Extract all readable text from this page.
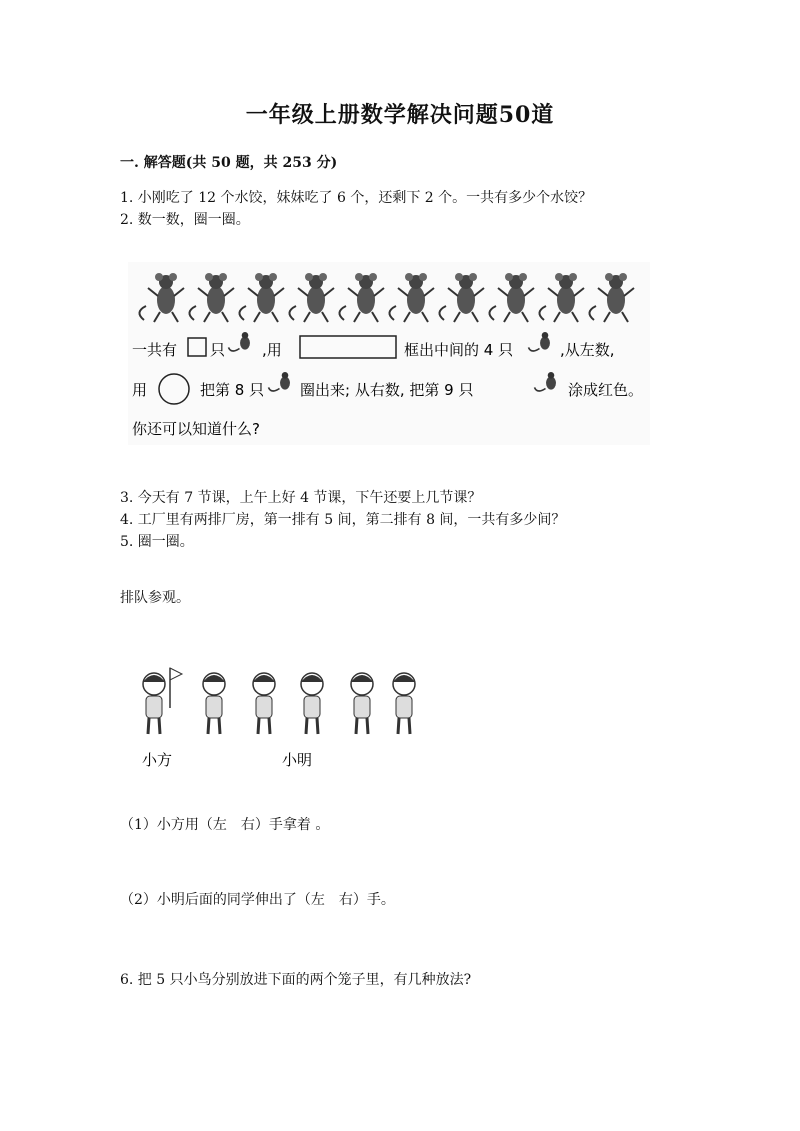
一年级上册数学解决问题50道
一. 解答题(共 50 题，共 253 分)
1. 小刚吃了 12 个水饺，妹妹吃了 6 个，还剩下 2 个。一共有多少个水饺？
2. 数一数，圈一圈。
一共有 只 ,用	框出中间的 4 只	,从左数,
用	把第 8 只 圈出来; 从右数, 把第 9 只	涂成红色。
你还可以知道什么?
3. 今天有 7 节课，上午上好 4 节课，下午还要上几节课？
4. 工厂里有两排厂房，第一排有 5 间，第二排有 8 间，一共有多少间？
5. 圈一圈。
排队参观。
小方	小明
（1）小方用（左　右）手拿着 。
（2）小明后面的同学伸出了（左　右）手。
6. 把 5 只小鸟分别放进下面的两个笼子里，有几种放法?
